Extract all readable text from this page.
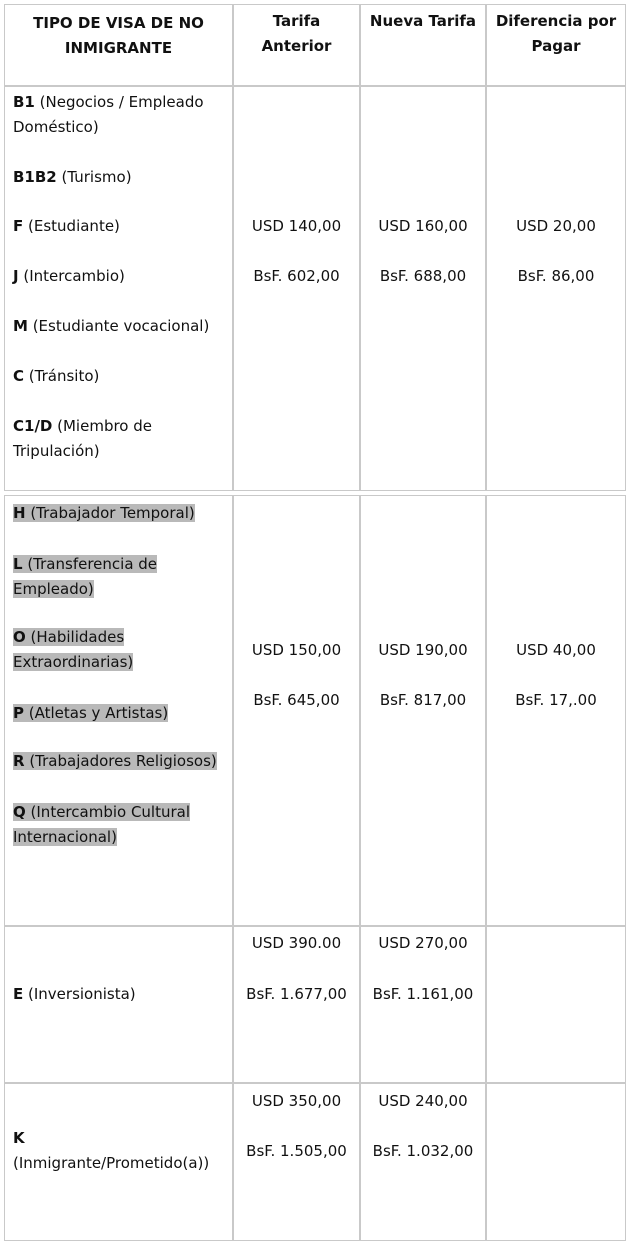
TIPO DE VISA DE NO INMIGRANTE
Tarifa Anterior
Nueva Tarifa	Diferencia por Pagar
B1 (Negocios / Empleado Doméstico)
B1B2 (Turismo)
F (Estudiante)
J (Intercambio)
M (Estudiante vocacional)
C (Tránsito)
C1/D (Miembro de Tripulación)
USD 140,00
BsF. 602,00
USD 160,00
BsF. 688,00
USD 20,00
BsF. 86,00
H (Trabajador Temporal)
L (Transferencia de Empleado)
O (Habilidades Extraordinarias)
P (Atletas y Artistas)
R (Trabajadores Religiosos)
Q (Intercambio Cultural Internacional)
USD 150,00
BsF. 645,00
USD 190,00
BsF. 817,00
USD 40,00
BsF. 17,.00
E (Inversionista)
USD 390.00
BsF. 1.677,00
USD 270,00
BsF. 1.161,00
K
(Inmigrante/Prometido(a))
USD 350,00
BsF. 1.505,00
USD 240,00
BsF. 1.032,00
